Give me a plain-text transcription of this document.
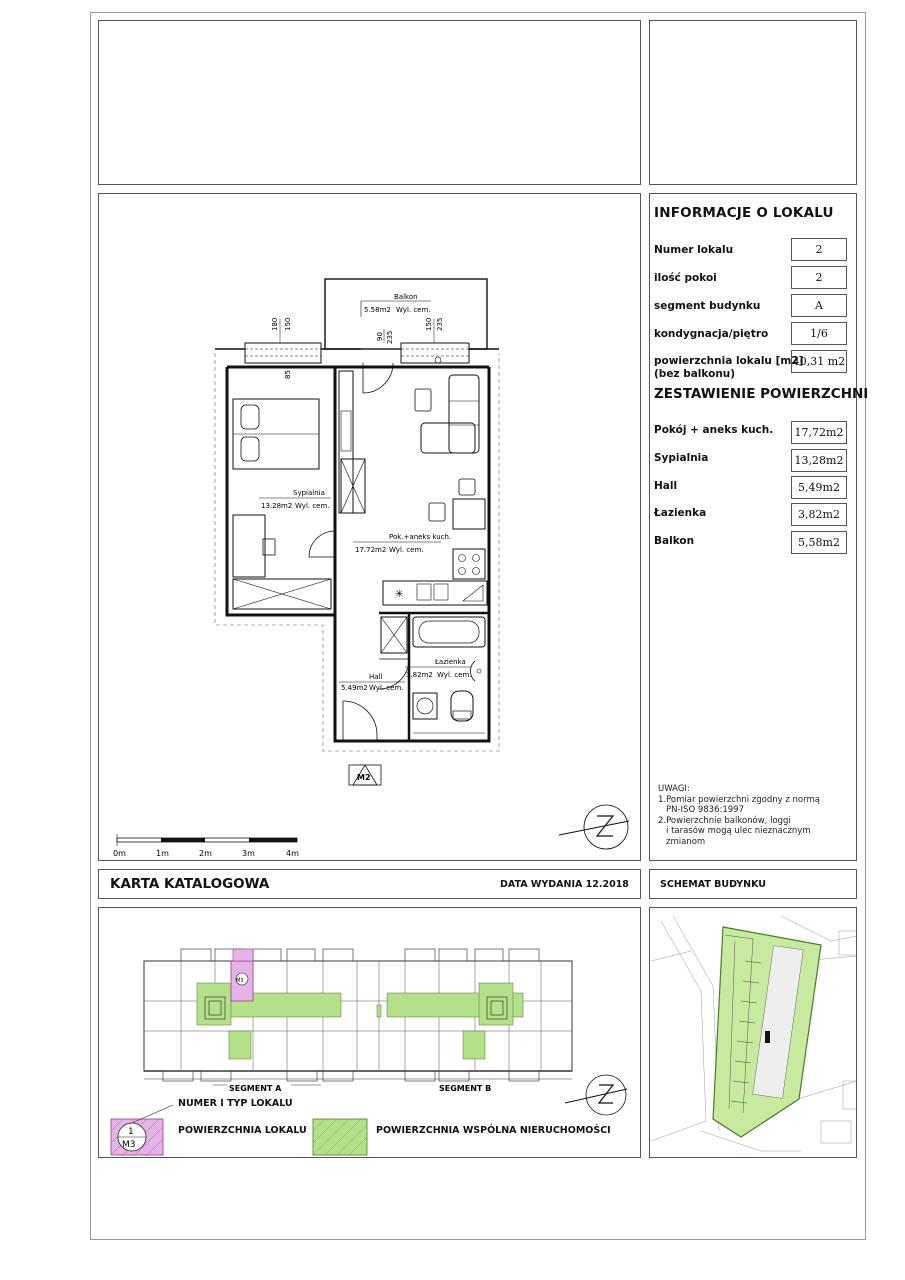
Balkon
5.58m2 Wyl. cem.
180 150
85
90 235
150 235
Sypialnia
13.28m2 Wyl. cem.
✳
Pok.+aneks kuch.
17.72m2 Wyl. cem.
Łazienka
3.82m2 Wyl. cem.
Hall
5.49m2 Wyl. cem.
M2
0m	1m	2m	3m	4m
INFORMACJE O LOKALU
Numer lokalu	2
ilość pokoi	2
segment budynku	A
kondygnacja/piętro	1/6
powierzchnia lokalu [m2]
(bez balkonu)
40,31 m2
ZESTAWIENIE POWIERZCHNI
Pokój + aneks kuch.	17,72m2
Sypialnia	13,28m2
Hall	5,49m2
Łazienka	3,82m2
Balkon	5,58m2
UWAGI:
1.Pomiar powierzchni zgodny z normą
PN-ISO 9836:1997
2.Powierzchnie balkonów, loggi
i tarasów mogą ulec nieznacznym
zmianom
KARTA KATALOGOWA	DATA WYDANIA 12.2018	SCHEMAT BUDYNKU
M3
SEGMENT A	SEGMENT B
1
M3
NUMER I TYP LOKALU
POWIERZCHNIA LOKALU	POWIERZCHNIA WSPÓLNA NIERUCHOMOŚCI
